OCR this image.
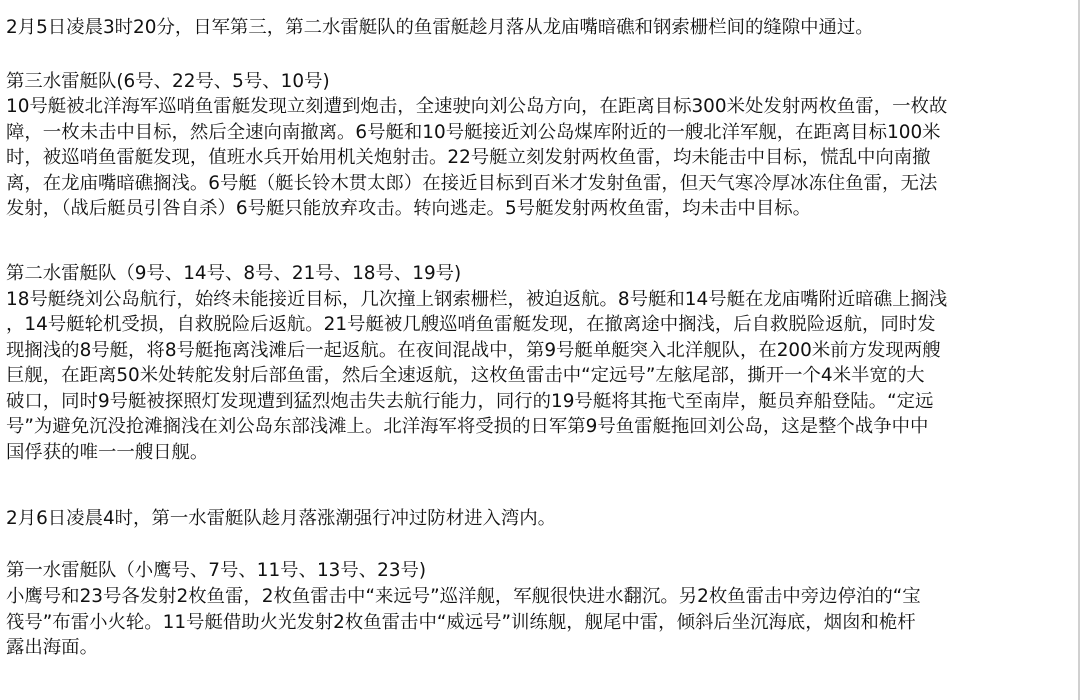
2月5日凌晨3时20分，日军第三，第二水雷艇队的鱼雷艇趁月落从龙庙嘴暗礁和钢索栅栏间的缝隙中通过。
第三水雷艇队(6号、22号、5号、10号)
10号艇被北洋海军巡哨鱼雷艇发现立刻遭到炮击，全速驶向刘公岛方向，在距离目标300米处发射两枚鱼雷，一枚故
障，一枚未击中目标，然后全速向南撤离。6号艇和10号艇接近刘公岛煤库附近的一艘北洋军舰，在距离目标100米
时，被巡哨鱼雷艇发现，值班水兵开始用机关炮射击。22号艇立刻发射两枚鱼雷，均未能击中目标，慌乱中向南撤
离，在龙庙嘴暗礁搁浅。6号艇（艇长铃木贯太郎）在接近目标到百米才发射鱼雷，但天气寒冷厚冰冻住鱼雷，无法
发射，（战后艇员引咎自杀）6号艇只能放弃攻击。转向逃走。5号艇发射两枚鱼雷，均未击中目标。
第二水雷艇队（9号、14号、8号、21号、18号、19号)
18号艇绕刘公岛航行，始终未能接近目标，几次撞上钢索栅栏，被迫返航。8号艇和14号艇在龙庙嘴附近暗礁上搁浅
，14号艇轮机受损，自救脱险后返航。21号艇被几艘巡哨鱼雷艇发现，在撤离途中搁浅，后自救脱险返航，同时发
现搁浅的8号艇，将8号艇拖离浅滩后一起返航。在夜间混战中，第9号艇单艇突入北洋舰队，在200米前方发现两艘
巨舰，在距离50米处转舵发射后部鱼雷，然后全速返航，这枚鱼雷击中“定远号”左舷尾部，撕开一个4米半宽的大
破口，同时9号艇被探照灯发现遭到猛烈炮击失去航行能力，同行的19号艇将其拖弋至南岸，艇员弃船登陆。“定远
号”为避免沉没抢滩搁浅在刘公岛东部浅滩上。北洋海军将受损的日军第9号鱼雷艇拖回刘公岛，这是整个战争中中
国俘获的唯一一艘日舰。
2月6日凌晨4时，第一水雷艇队趁月落涨潮强行冲过防材进入湾内。
第一水雷艇队（小鹰号、7号、11号、13号、23号)
小鹰号和23号各发射2枚鱼雷，2枚鱼雷击中“来远号”巡洋舰，军舰很快进水翻沉。另2枚鱼雷击中旁边停泊的“宝
筏号”布雷小火轮。11号艇借助火光发射2枚鱼雷击中“威远号”训练舰，舰尾中雷，倾斜后坐沉海底，烟囱和桅杆
露出海面。
